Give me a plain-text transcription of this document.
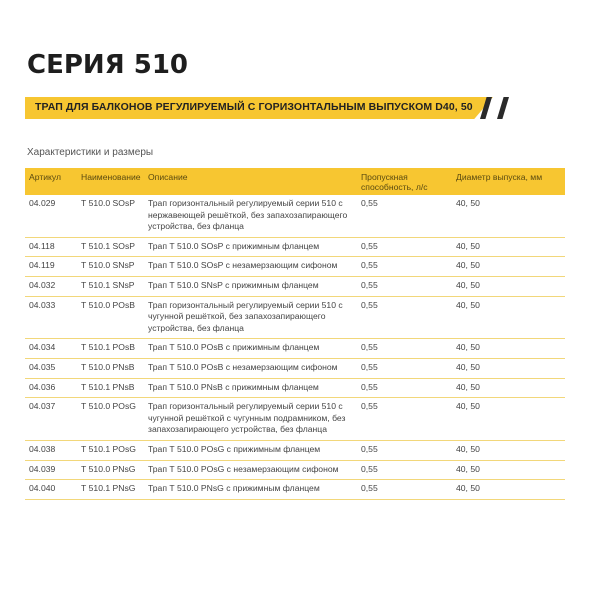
СЕРИЯ 510
ТРАП ДЛЯ БАЛКОНОВ РЕГУЛИРУЕМЫЙ С ГОРИЗОНТАЛЬНЫМ ВЫПУСКОМ D40, 50
Характеристики и размеры
Артикул	Наименование	Описание	Пропускная способность, л/с	Диаметр выпуска, мм
04.029	Т 510.0 SOsP	Трап горизонтальный регулируемый серии 510 с нержавеющей решёткой, без запахозапирающего устройства, без фланца	0,55	40, 50
04.118	Т 510.1 SOsP	Трап Т 510.0 SOsP с прижимным фланцем	0,55	40, 50
04.119	Т 510.0 SNsP	Трап Т 510.0 SOsP с незамерзающим сифоном	0,55	40, 50
04.032	Т 510.1 SNsP	Трап Т 510.0 SNsP с прижимным фланцем	0,55	40, 50
04.033	Т 510.0 POsB	Трап горизонтальный регулируемый серии 510 с чугунной решёткой, без запахозапирающего устройства, без фланца	0,55	40, 50
04.034	Т 510.1 POsB	Трап Т 510.0 POsB с прижимным фланцем	0,55	40, 50
04.035	Т 510.0 PNsB	Трап Т 510.0 POsB с незамерзающим сифоном	0,55	40, 50
04.036	Т 510.1 PNsB	Трап Т 510.0 PNsB с прижимным фланцем	0,55	40, 50
04.037	Т 510.0 POsG	Трап горизонтальный регулируемый серии 510 с чугунной решёткой с чугунным подрамником, без запахозапирающего устройства, без фланца	0,55	40, 50
04.038	Т 510.1 POsG	Трап Т 510.0 POsG с прижимным фланцем	0,55	40, 50
04.039	Т 510.0 PNsG	Трап Т 510.0 POsG с незамерзающим сифоном	0,55	40, 50
04.040	Т 510.1 PNsG	Трап Т 510.0 PNsG с прижимным фланцем	0,55	40, 50
